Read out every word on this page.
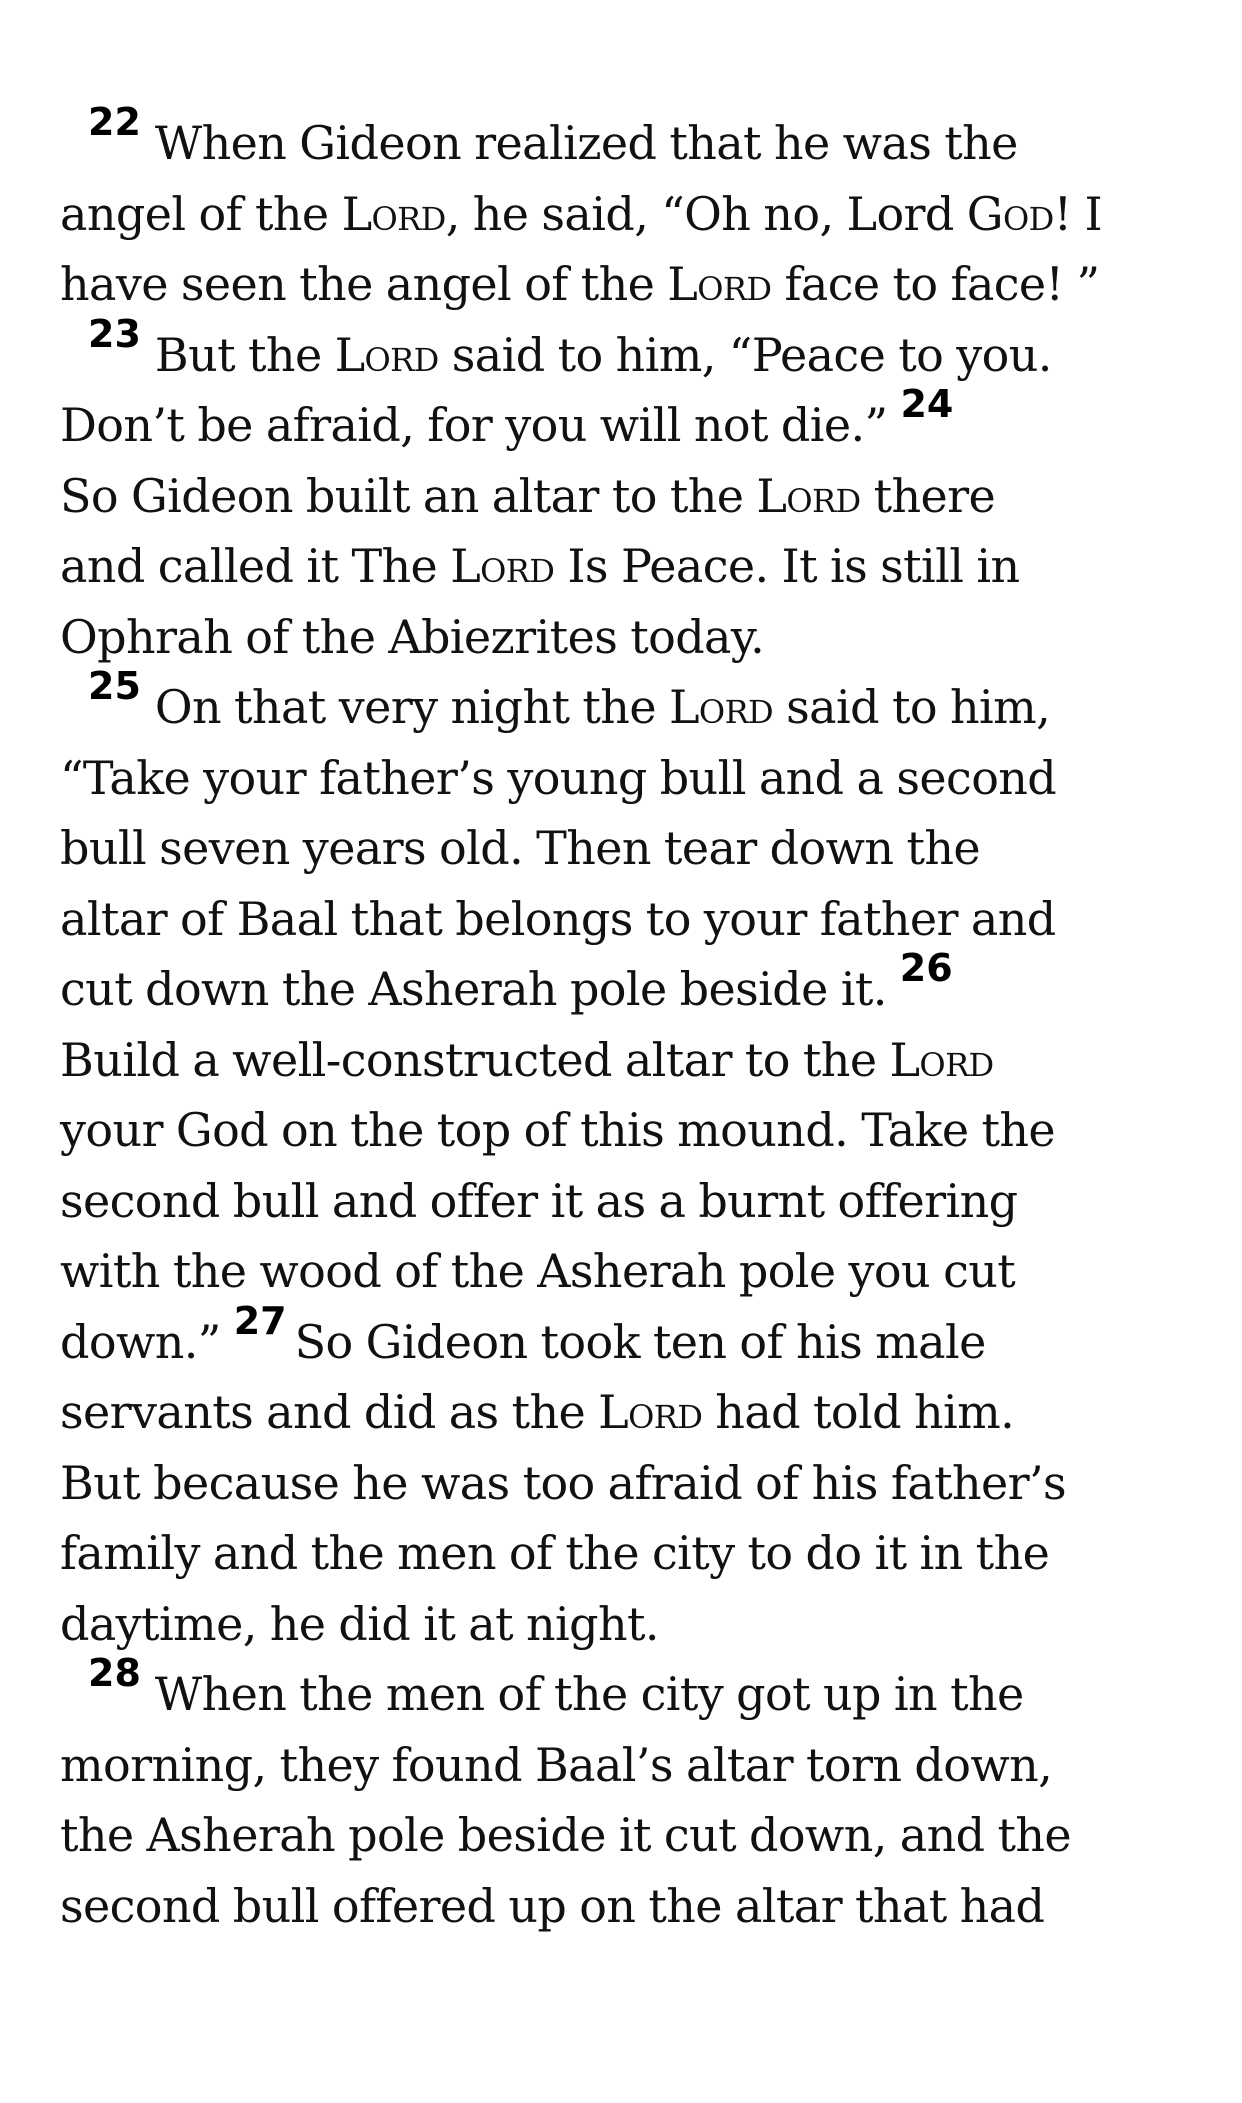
$^{22}$ When Gideon realized that he was the
angel of the Lord, he said, “Oh no, Lord God! I
have seen the angel of the Lord face to face! ”
$^{23}$ But the Lord said to him, “Peace to you.
Don’t be afraid, for you will not die.” $^{24}$
So Gideon built an altar to the Lord there
and called it The Lord Is Peace. It is still in
Ophrah of the Abiezrites today.
$^{25}$ On that very night the Lord said to him,
“Take your father’s young bull and a second
bull seven years old. Then tear down the
altar of Baal that belongs to your father and
cut down the Asherah pole beside it. $^{26}$
Build a well-constructed altar to the Lord
your God on the top of this mound. Take the
second bull and offer it as a burnt offering
with the wood of the Asherah pole you cut
down.” $^{27}$ So Gideon took ten of his male
servants and did as the Lord had told him.
But because he was too afraid of his father’s
family and the men of the city to do it in the
daytime, he did it at night.
$^{28}$ When the men of the city got up in the
morning, they found Baal’s altar torn down,
the Asherah pole beside it cut down, and the
second bull offered up on the altar that had
